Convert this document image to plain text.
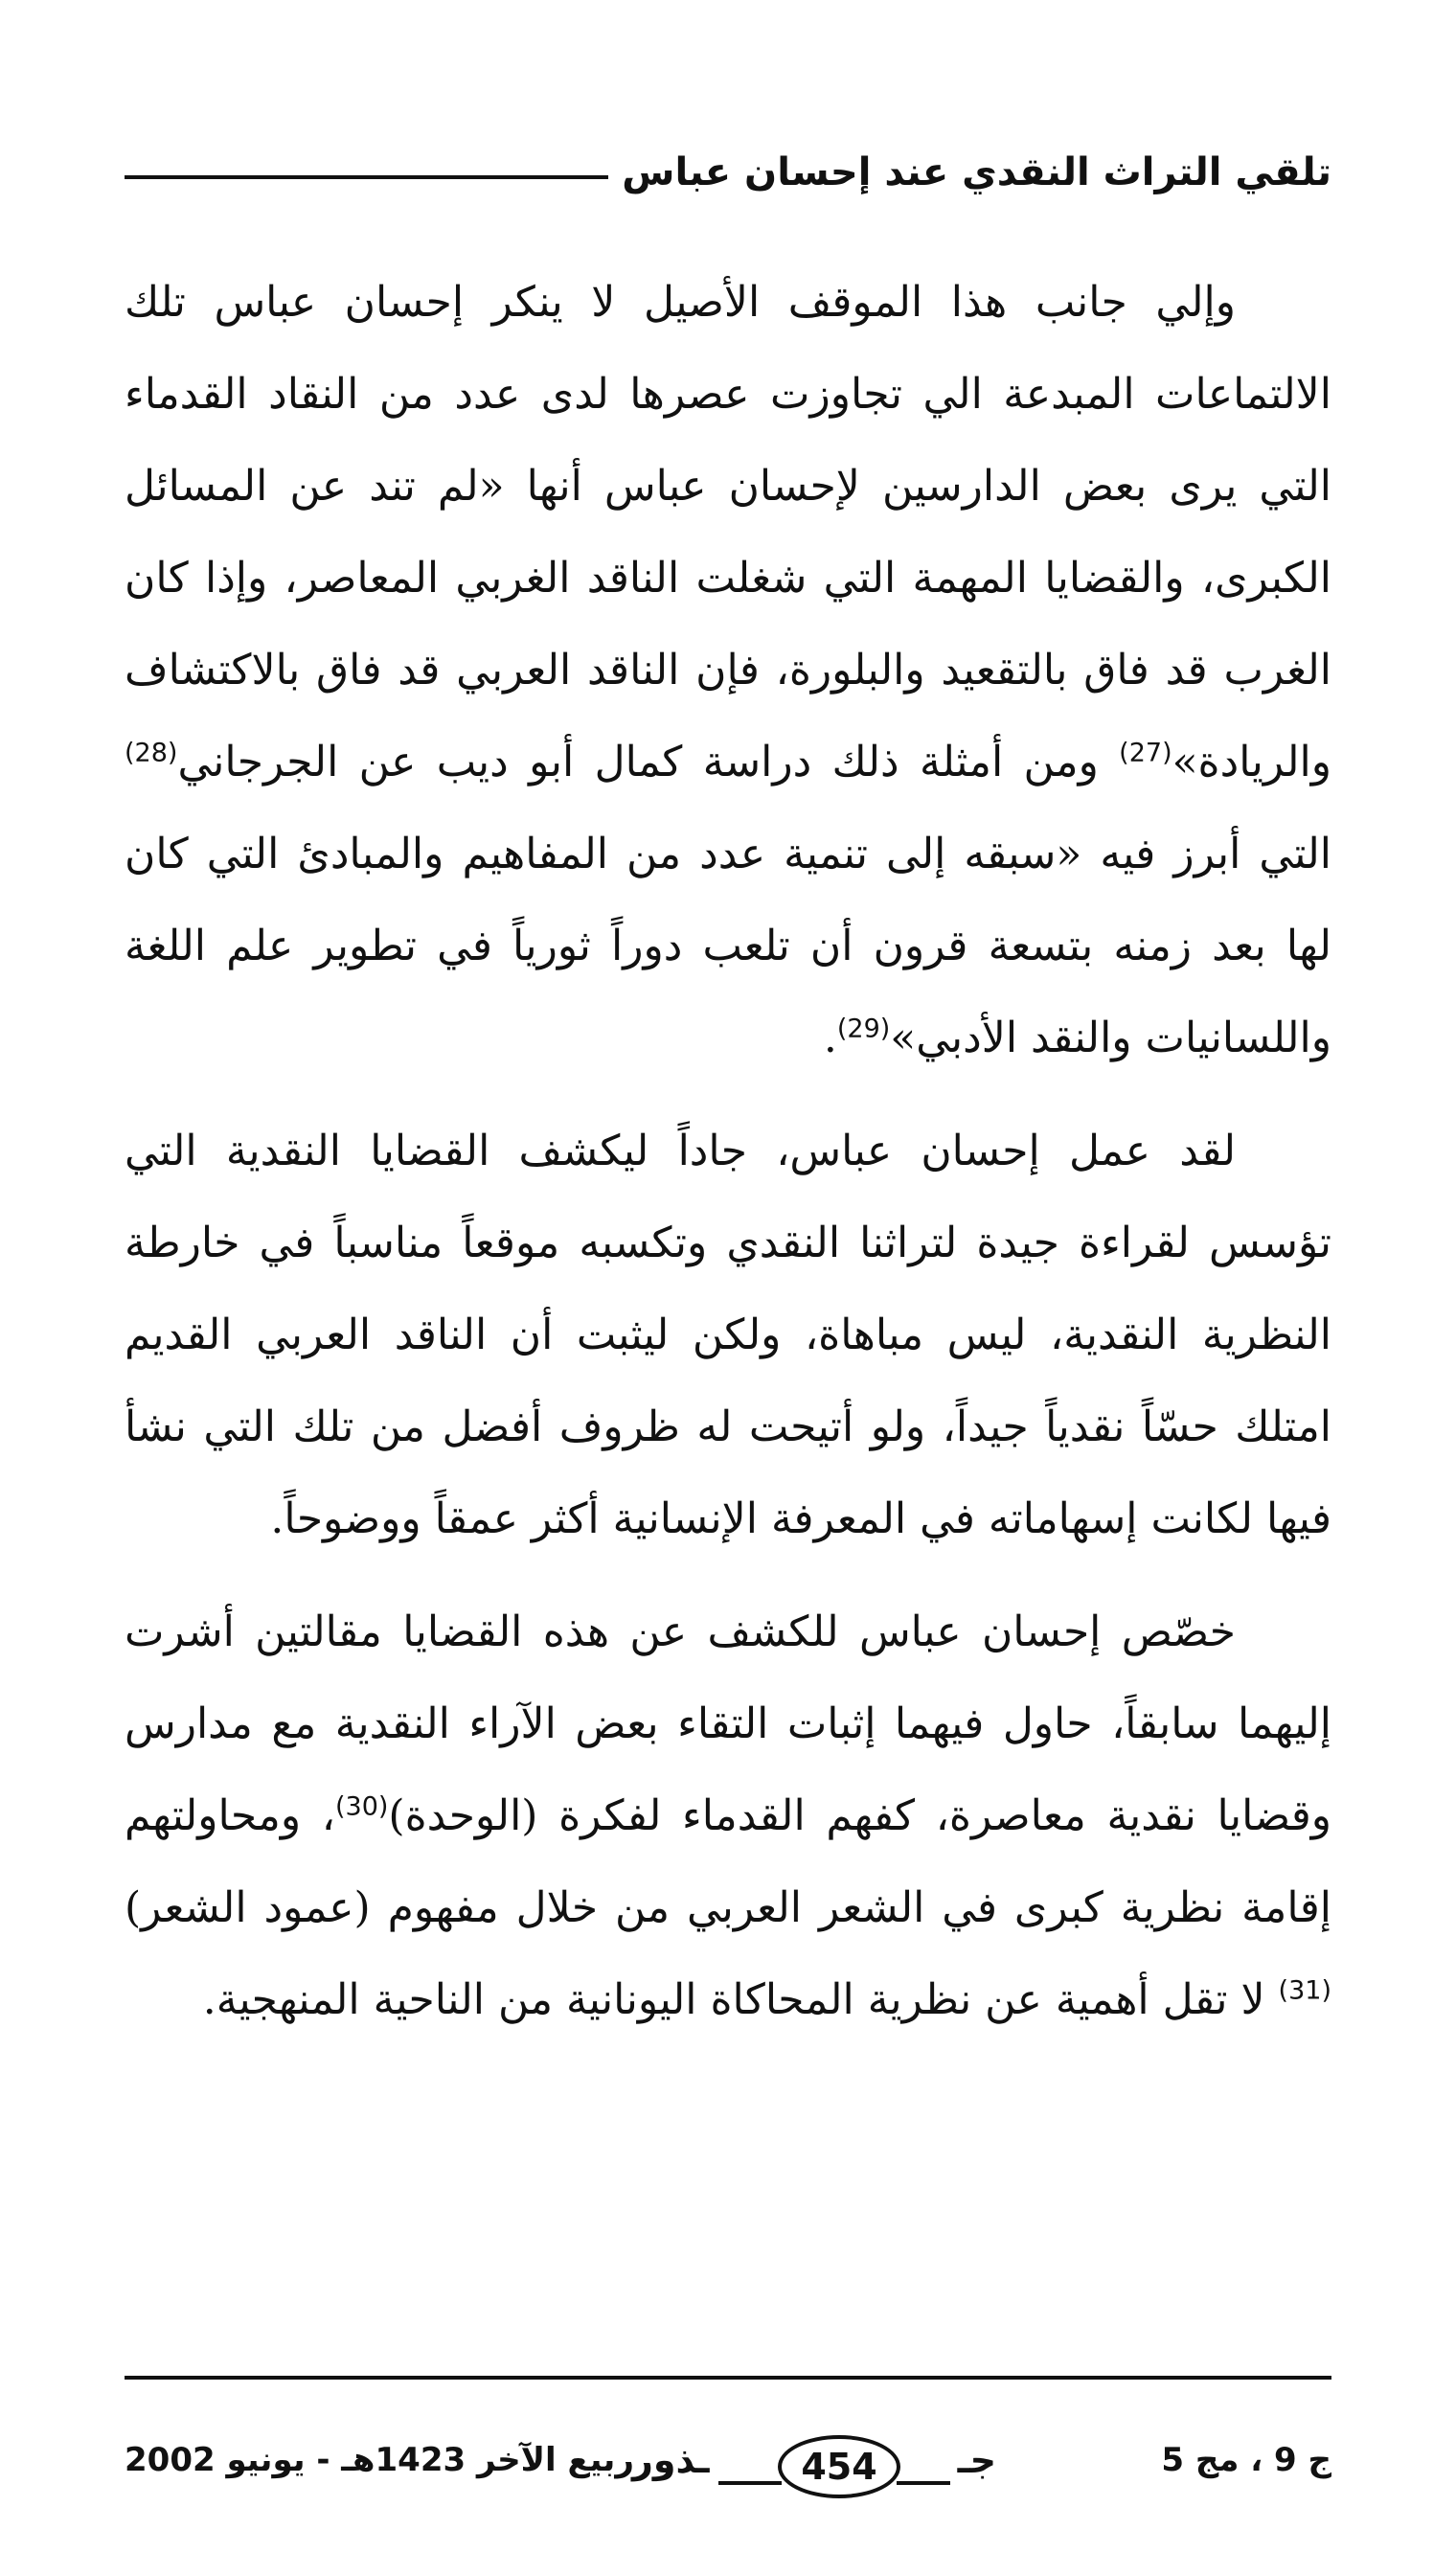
تلقي التراث النقدي عند إحسان عباس

وإلي جانب هذا الموقف الأصيل لا ينكر إحسان عباس تلك الالتماعات المبدعة الي تجاوزت عصرها لدى عدد من النقاد القدماء التي يرى بعض الدارسين لإحسان عباس أنها «لم تند عن المسائل الكبرى، والقضايا المهمة التي شغلت الناقد الغربي المعاصر، وإذا كان الغرب قد فاق بالتقعيد والبلورة، فإن الناقد العربي قد فاق بالاكتشاف والريادة»$^{(27)}$ ومن أمثلة ذلك دراسة كمال أبو ديب عن الجرجاني$^{(28)}$ التي أبرز فيه «سبقه إلى تنمية عدد من المفاهيم والمبادئ التي كان لها بعد زمنه بتسعة قرون أن تلعب دوراً ثورياً في تطوير علم اللغة واللسانيات والنقد الأدبي»$^{(29)}$.

لقد عمل إحسان عباس، جاداً ليكشف القضايا النقدية التي تؤسس لقراءة جيدة لتراثنا النقدي وتكسبه موقعاً مناسباً في خارطة النظرية النقدية، ليس مباهاة، ولكن ليثبت أن الناقد العربي القديم امتلك حسّاً نقدياً جيداً، ولو أتيحت له ظروف أفضل من تلك التي نشأ فيها لكانت إسهاماته في المعرفة الإنسانية أكثر عمقاً ووضوحاً.

خصّص إحسان عباس للكشف عن هذه القضايا مقالتين أشرت إليهما سابقاً، حاول فيهما إثبات التقاء بعض الآراء النقدية مع مدارس وقضايا نقدية معاصرة، كفهم القدماء لفكرة (الوحدة)$^{(30)}$، ومحاولتهم إقامة نظرية كبرى في الشعر العربي من خلال مفهوم (عمود الشعر)$^{(31)}$ لا تقل أهمية عن نظرية المحاكاة اليونانية من الناحية المنهجية.

ج 9 ، مج 5
ـذور	454	جـ
ربيع الآخر 1423هـ - يونيو 2002
